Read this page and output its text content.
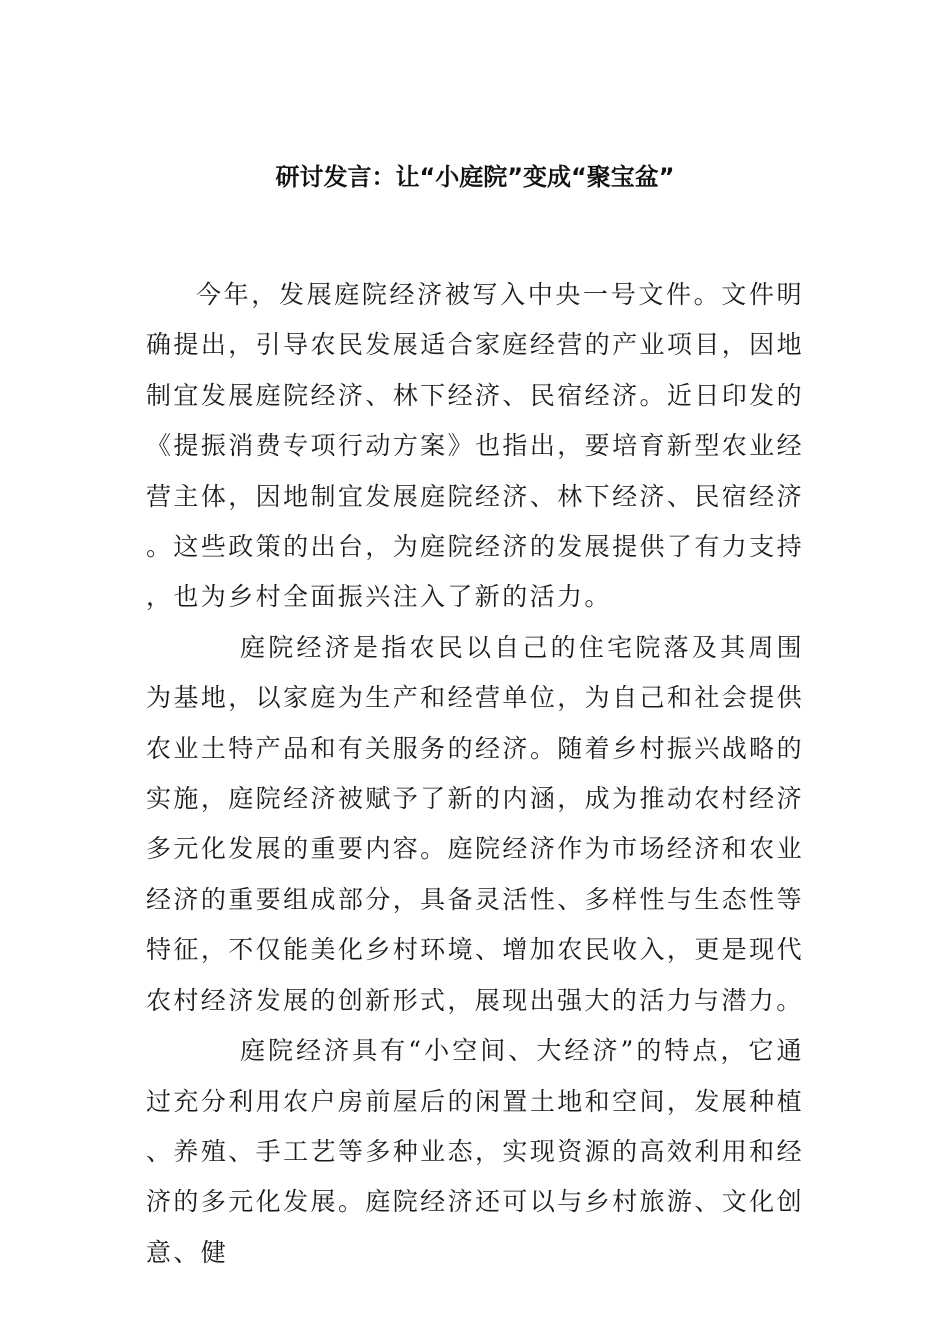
研讨发言：让“小庭院”变成“聚宝盆”

今年，发展庭院经济被写入中央一号文件。文件明确提出，引导农民发展适合家庭经营的产业项目，因地制宜发展庭院经济、林下经济、民宿经济。近日印发的《提振消费专项行动方案》也指出，要培育新型农业经营主体，因地制宜发展庭院经济、林下经济、民宿经济。这些政策的出台，为庭院经济的发展提供了有力支持，也为乡村全面振兴注入了新的活力。

庭院经济是指农民以自己的住宅院落及其周围为基地，以家庭为生产和经营单位，为自己和社会提供农业土特产品和有关服务的经济。随着乡村振兴战略的实施，庭院经济被赋予了新的内涵，成为推动农村经济多元化发展的重要内容。庭院经济作为市场经济和农业经济的重要组成部分，具备灵活性、多样性与生态性等特征，不仅能美化乡村环境、增加农民收入，更是现代农村经济发展的创新形式，展现出强大的活力与潜力。

庭院经济具有“小空间、大经济”的特点，它通过充分利用农户房前屋后的闲置土地和空间，发展种植、养殖、手工艺等多种业态，实现资源的高效利用和经济的多元化发展。庭院经济还可以与乡村旅游、文化创意、健
